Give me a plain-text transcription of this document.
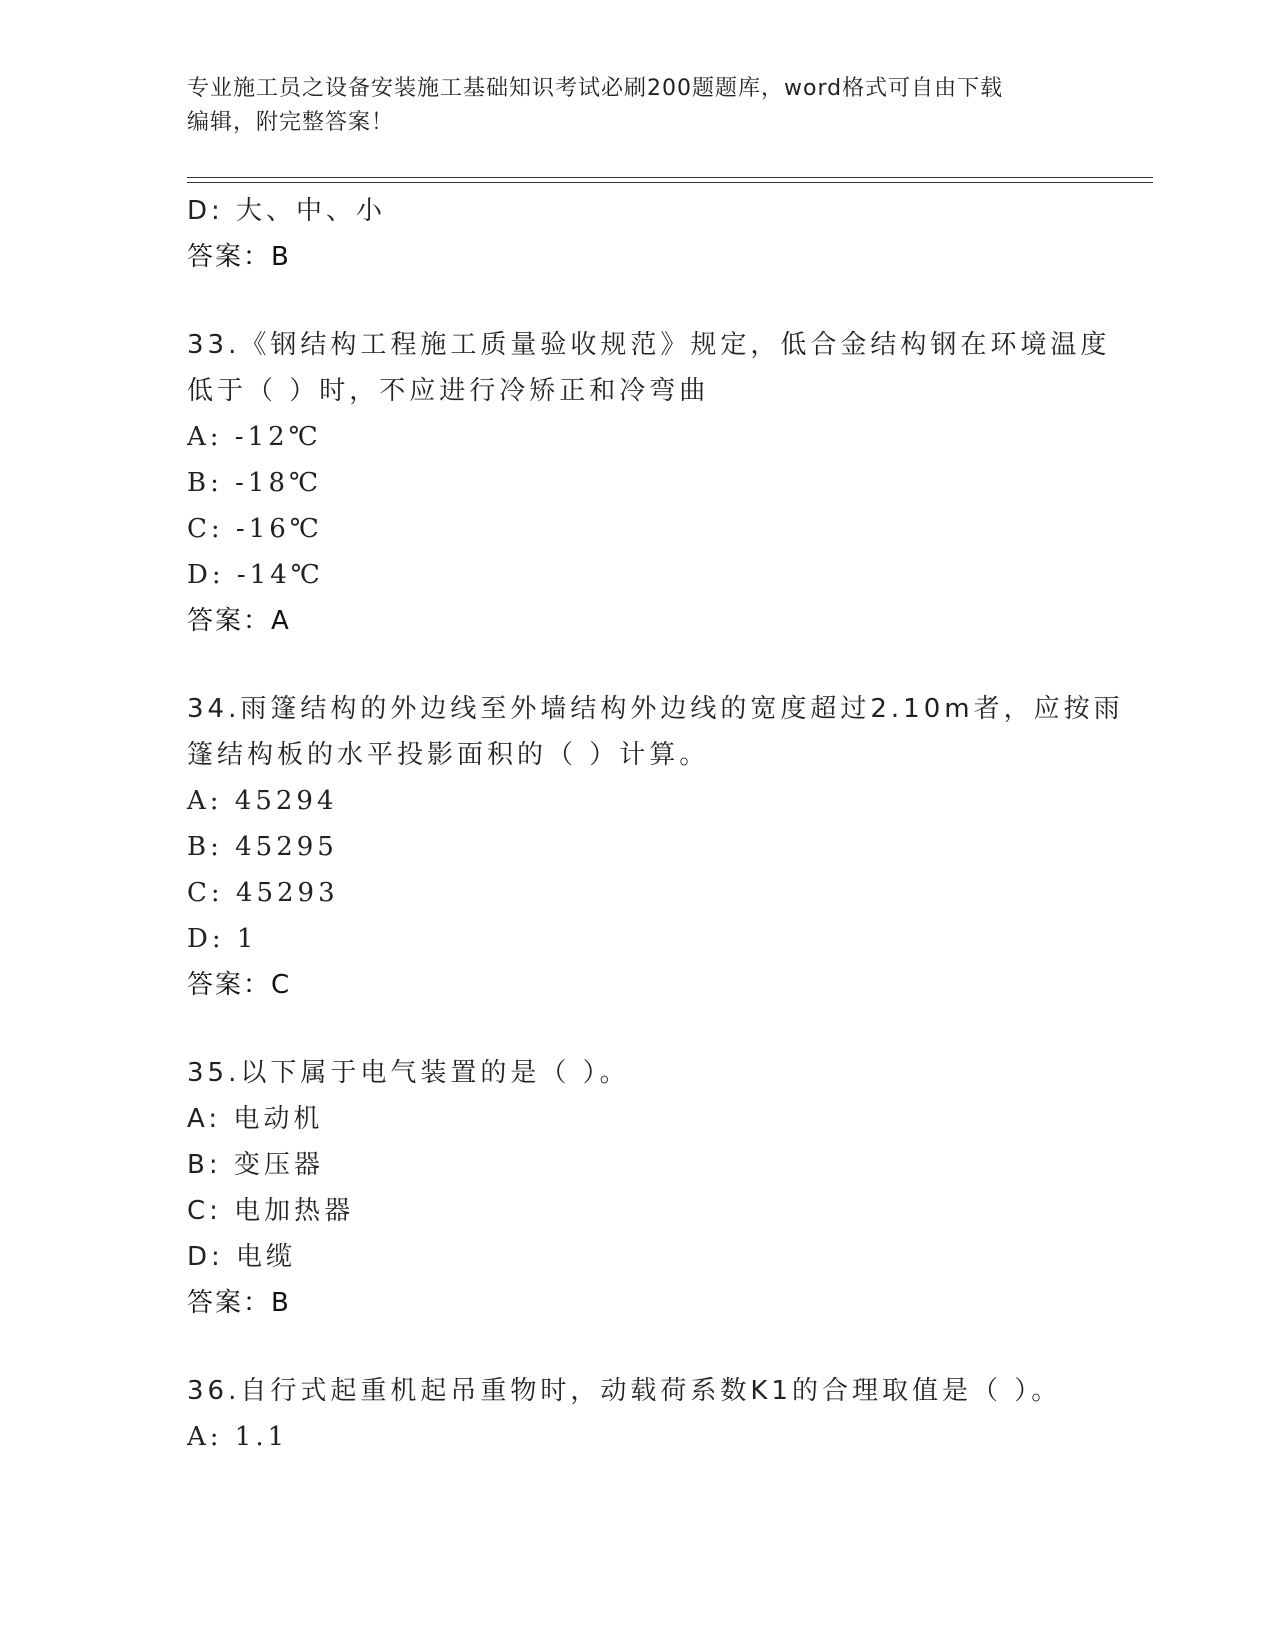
专业施工员之设备安装施工基础知识考试必刷200题题库，word格式可自由下载
编辑，附完整答案！
D: 大、中、小
答案：B
33.《钢结构工程施工质量验收规范》规定，低合金结构钢在环境温度
低于（ ）时，不应进行冷矫正和冷弯曲
A: -12℃
B: -18℃
C: -16℃
D: -14℃
答案：A
34.雨篷结构的外边线至外墙结构外边线的宽度超过2.10m者，应按雨
篷结构板的水平投影面积的（ ）计算。
A: 45294
B: 45295
C: 45293
D: 1
答案：C
35.以下属于电气装置的是（ ）。
A: 电动机
B: 变压器
C: 电加热器
D: 电缆
答案：B
36.自行式起重机起吊重物时，动载荷系数K1的合理取值是（ ）。
A: 1.1
